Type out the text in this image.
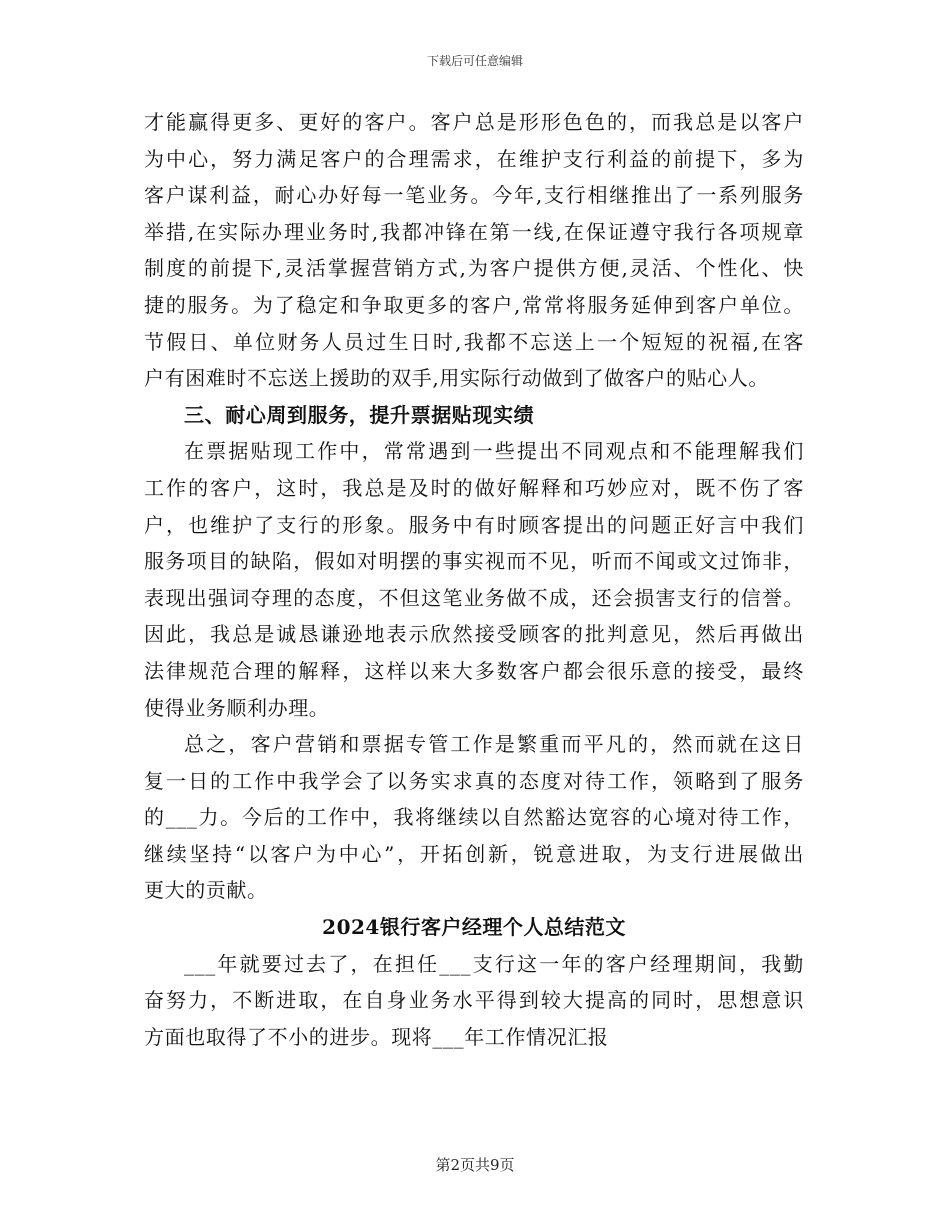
下载后可任意编辑
才能赢得更多、更好的客户。客户总是形形色色的，而我总是以客户
为中心，努力满足客户的合理需求，在维护支行利益的前提下，多为
客户谋利益，耐心办好每一笔业务。今年,支行相继推出了一系列服务
举措,在实际办理业务时,我都冲锋在第一线,在保证遵守我行各项规章
制度的前提下,灵活掌握营销方式,为客户提供方便,灵活、个性化、快
捷的服务。为了稳定和争取更多的客户,常常将服务延伸到客户单位。
节假日、单位财务人员过生日时,我都不忘送上一个短短的祝福,在客
户有困难时不忘送上援助的双手,用实际行动做到了做客户的贴心人。
三、耐心周到服务，提升票据贴现实绩
在票据贴现工作中，常常遇到一些提出不同观点和不能理解我们
工作的客户，这时，我总是及时的做好解释和巧妙应对，既不伤了客
户，也维护了支行的形象。服务中有时顾客提出的问题正好言中我们
服务项目的缺陷，假如对明摆的事实视而不见，听而不闻或文过饰非，
表现出强词夺理的态度，不但这笔业务做不成，还会损害支行的信誉。
因此，我总是诚恳谦逊地表示欣然接受顾客的批判意见，然后再做出
法律规范合理的解释，这样以来大多数客户都会很乐意的接受，最终
使得业务顺利办理。
总之，客户营销和票据专管工作是繁重而平凡的，然而就在这日
复一日的工作中我学会了以务实求真的态度对待工作，领略到了服务
的___力。今后的工作中，我将继续以自然豁达宽容的心境对待工作，
继续坚持“以客户为中心”，开拓创新，锐意进取，为支行进展做出
更大的贡献。
2024银行客户经理个人总结范文
___年就要过去了，在担任___支行这一年的客户经理期间，我勤
奋努力，不断进取，在自身业务水平得到较大提高的同时，思想意识
方面也取得了不小的进步。现将___年工作情况汇报
第2页共9页
